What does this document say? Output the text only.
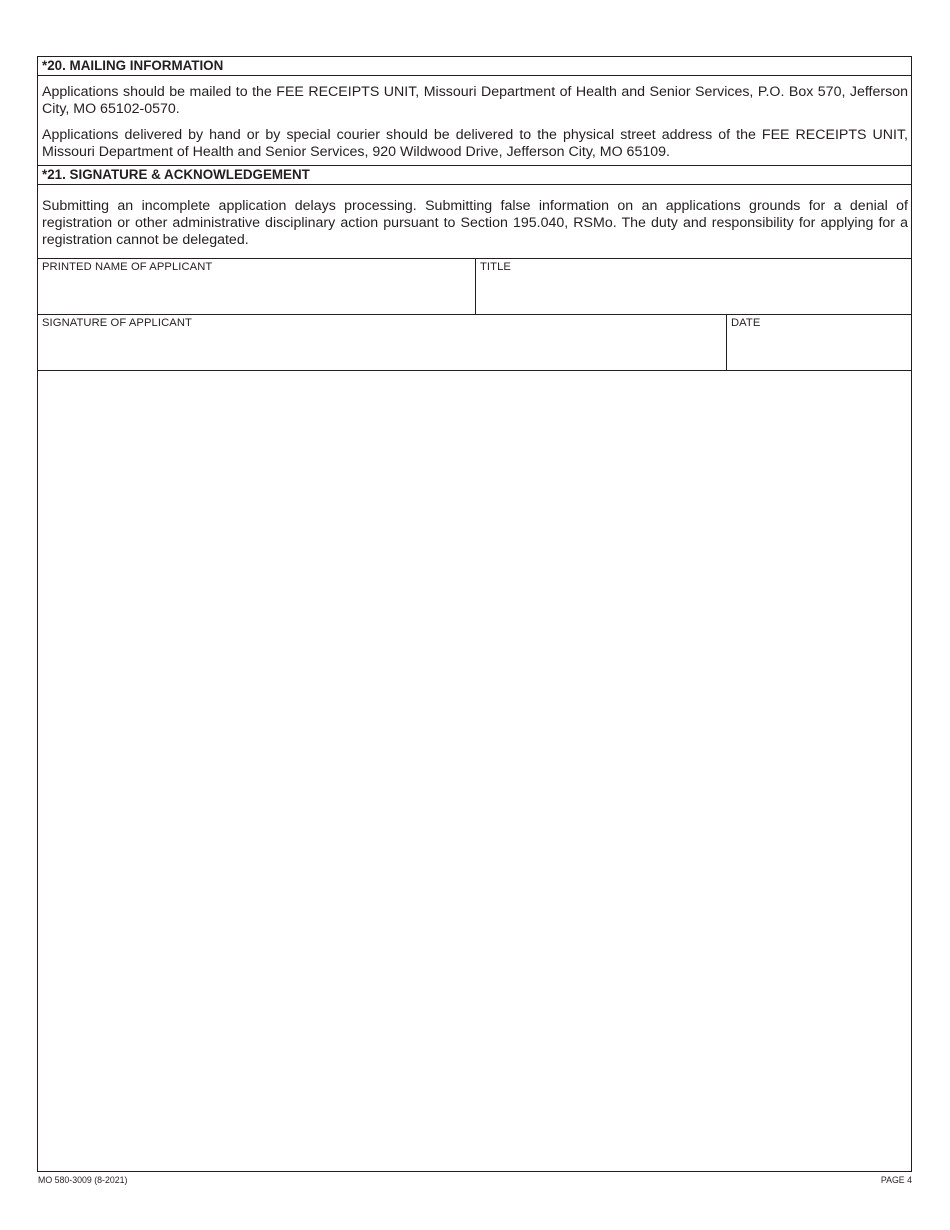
*20. MAILING INFORMATION

Applications should be mailed to the FEE RECEIPTS UNIT, Missouri Department of Health and Senior Services, P.O. Box 570, Jefferson City, MO 65102-0570.

Applications delivered by hand or by special courier should be delivered to the physical street address of the FEE RECEIPTS UNIT, Missouri Department of Health and Senior Services, 920 Wildwood Drive, Jefferson City, MO 65109.

*21. SIGNATURE & ACKNOWLEDGEMENT

Submitting an incomplete application delays processing. Submitting false information on an applications grounds for a denial of registration or other administrative disciplinary action pursuant to Section 195.040, RSMo. The duty and responsibility for applying for a registration cannot be delegated.

PRINTED NAME OF APPLICANT	TITLE
SIGNATURE OF APPLICANT	DATE
MO 580-3009 (8-2021)	PAGE 4
